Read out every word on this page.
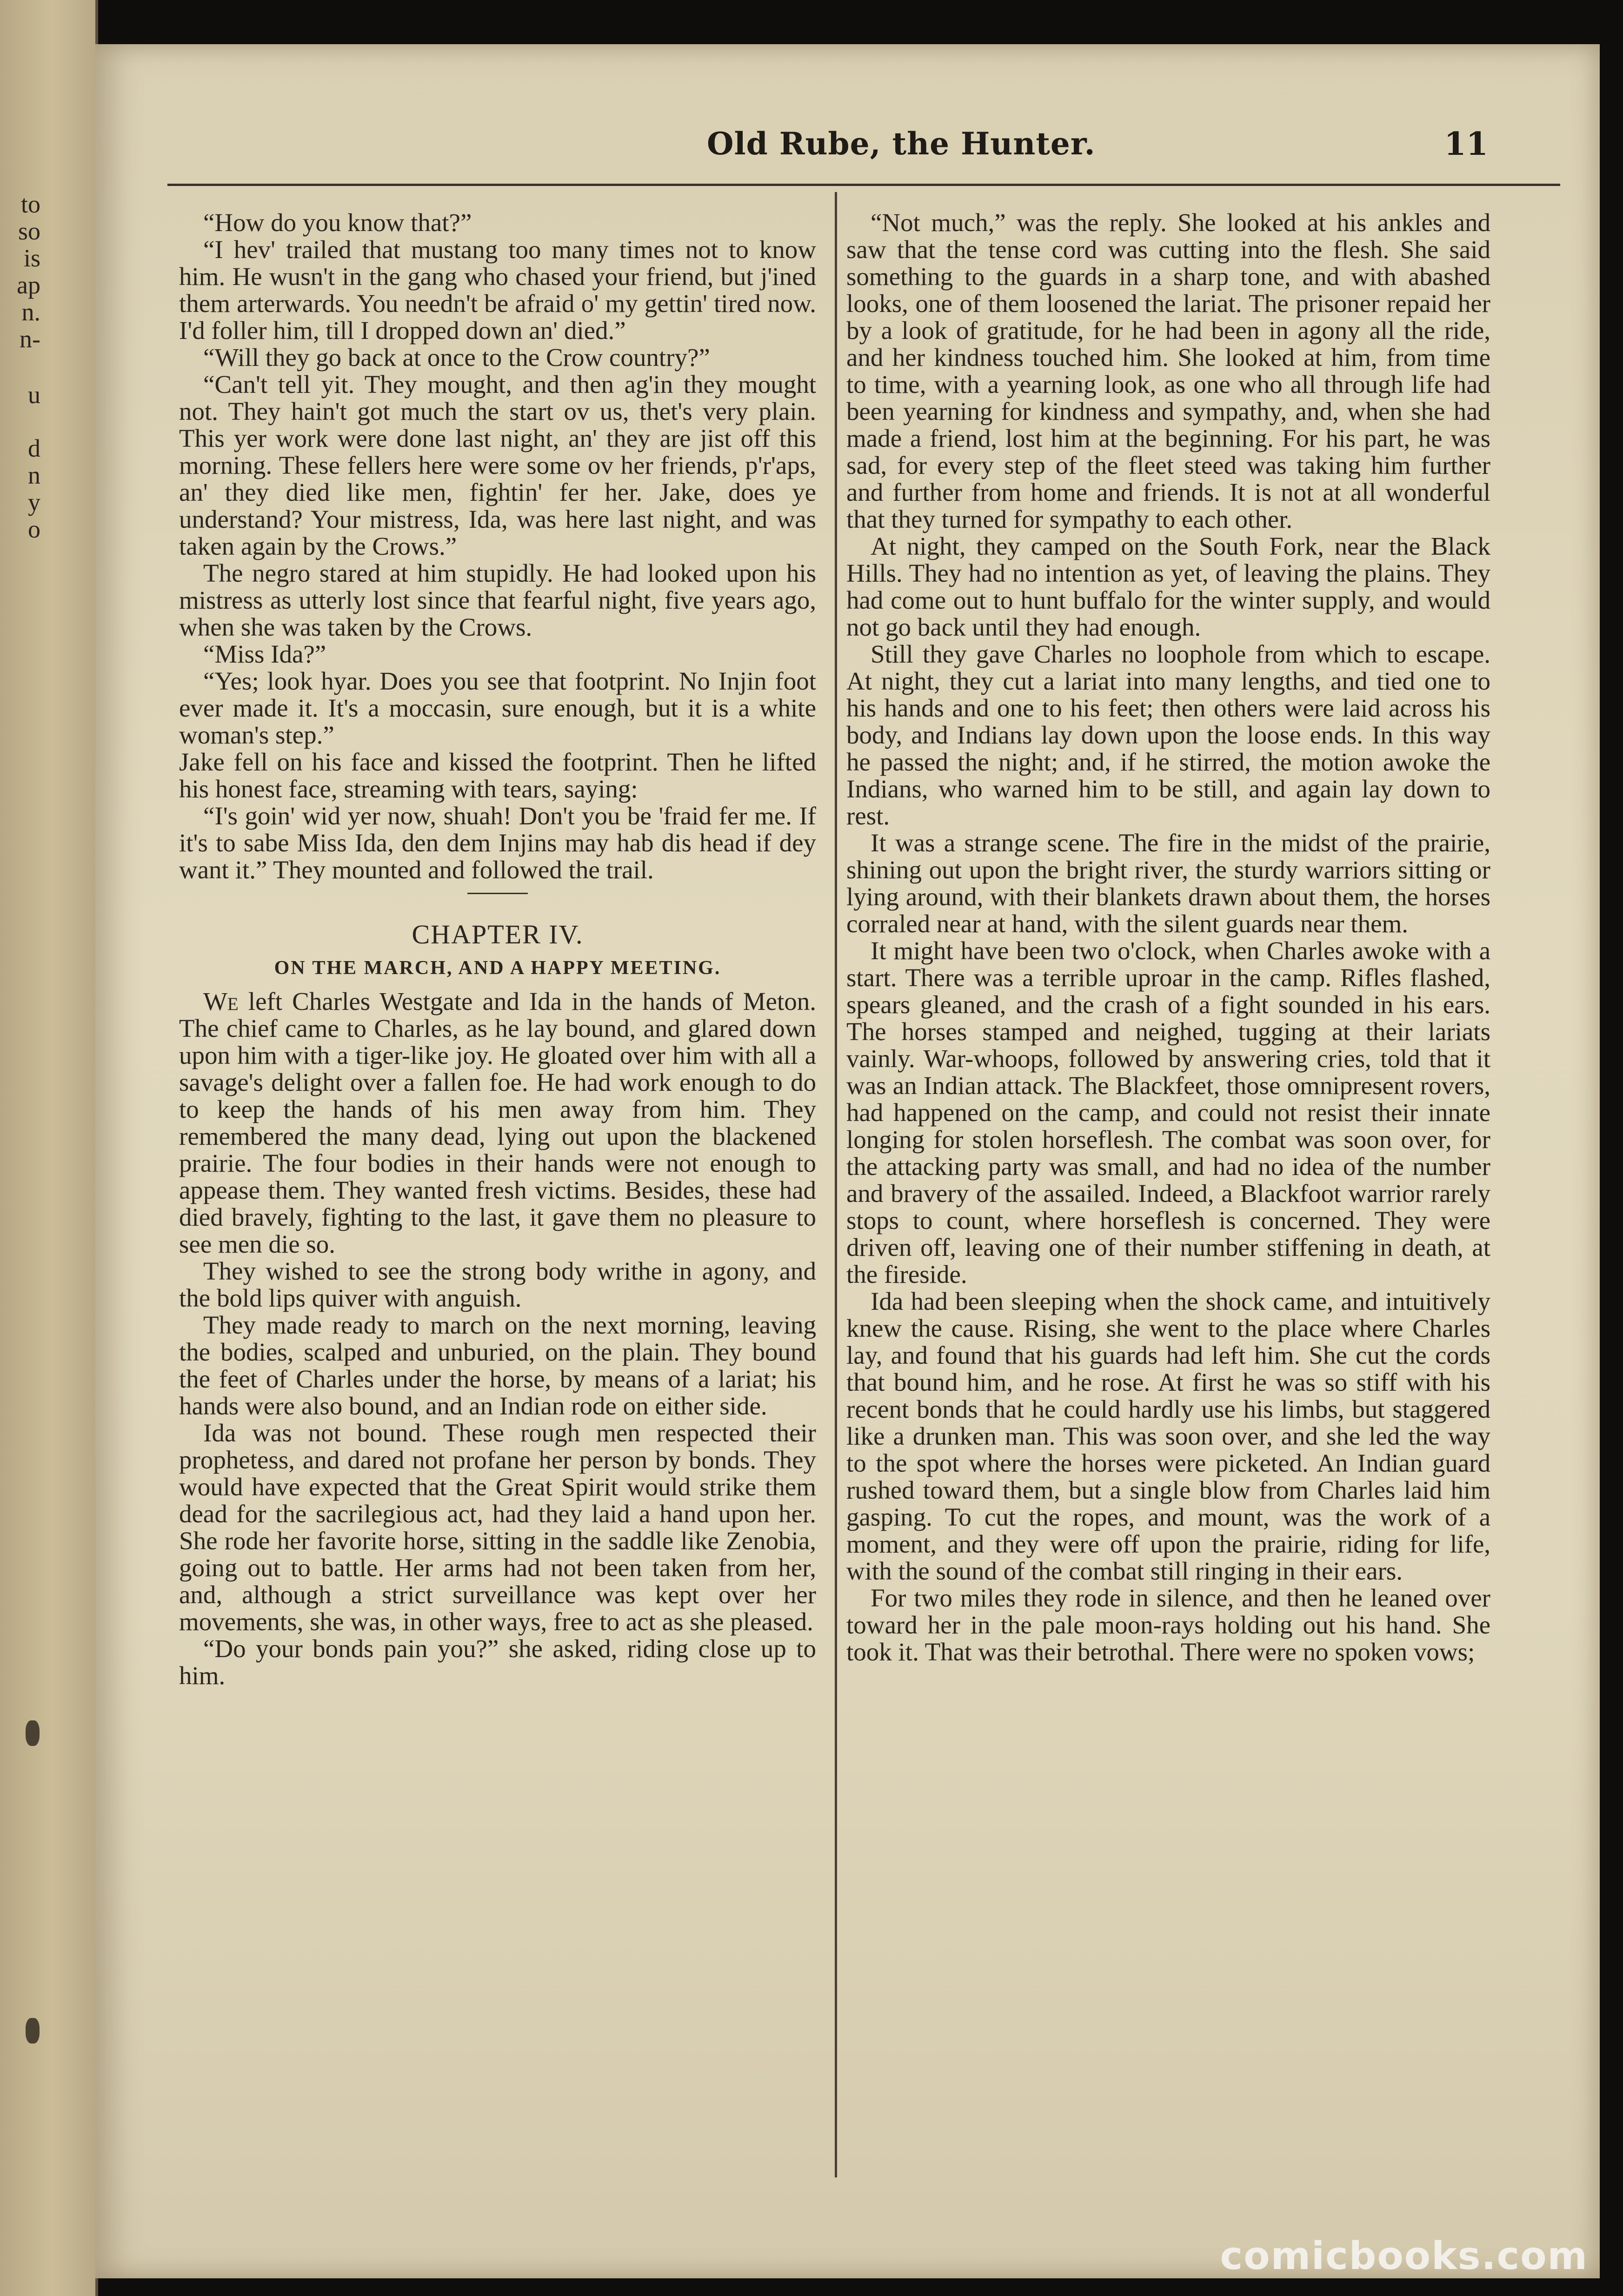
to
so
is
ap
n.
n-
u
d
n
y
o
Old Rube, the Hunter.	11

“How do you know that?”

“I hev' trailed that mustang too many times not to know him. He wusn't in the gang who chased your friend, but j'ined them arterwards. You needn't be afraid o' my gettin' tired now. I'd foller him, till I dropped down an' died.”

“Will they go back at once to the Crow country?”

“Can't tell yit. They mought, and then ag'in they mought not. They hain't got much the start ov us, thet's very plain. This yer work were done last night, an' they are jist off this morning. These fellers here were some ov her friends, p'r'aps, an' they died like men, fightin' fer her. Jake, does ye understand? Your mistress, Ida, was here last night, and was taken again by the Crows.”

The negro stared at him stupidly. He had looked upon his mistress as utterly lost since that fearful night, five years ago, when she was taken by the Crows.

“Miss Ida?”

“Yes; look hyar. Does you see that footprint. No Injin foot ever made it. It's a moccasin, sure enough, but it is a white woman's step.”

Jake fell on his face and kissed the footprint. Then he lifted his honest face, streaming with tears, saying:

“I's goin' wid yer now, shuah! Don't you be 'fraid fer me. If it's to sabe Miss Ida, den dem Injins may hab dis head if dey want it.” They mounted and followed the trail.

CHAPTER IV.
ON THE MARCH, AND A HAPPY MEETING.

We left Charles Westgate and Ida in the hands of Meton. The chief came to Charles, as he lay bound, and glared down upon him with a tiger-like joy. He gloated over him with all a savage's delight over a fallen foe. He had work enough to do to keep the hands of his men away from him. They remembered the many dead, lying out upon the blackened prairie. The four bodies in their hands were not enough to appease them. They wanted fresh victims. Besides, these had died bravely, fighting to the last, it gave them no pleasure to see men die so.

They wished to see the strong body writhe in agony, and the bold lips quiver with anguish.

They made ready to march on the next morning, leaving the bodies, scalped and unburied, on the plain. They bound the feet of Charles under the horse, by means of a lariat; his hands were also bound, and an Indian rode on either side.

Ida was not bound. These rough men respected their prophetess, and dared not profane her person by bonds. They would have expected that the Great Spirit would strike them dead for the sacrilegious act, had they laid a hand upon her. She rode her favorite horse, sitting in the saddle like Zenobia, going out to battle. Her arms had not been taken from her, and, although a strict surveillance was kept over her movements, she was, in other ways, free to act as she pleased.

“Do your bonds pain you?” she asked, riding close up to him.

“Not much,” was the reply. She looked at his ankles and saw that the tense cord was cutting into the flesh. She said something to the guards in a sharp tone, and with abashed looks, one of them loosened the lariat. The prisoner repaid her by a look of gratitude, for he had been in agony all the ride, and her kindness touched him. She looked at him, from time to time, with a yearning look, as one who all through life had been yearning for kindness and sympathy, and, when she had made a friend, lost him at the beginning. For his part, he was sad, for every step of the fleet steed was taking him further and further from home and friends. It is not at all wonderful that they turned for sympathy to each other.

At night, they camped on the South Fork, near the Black Hills. They had no intention as yet, of leaving the plains. They had come out to hunt buffalo for the winter supply, and would not go back until they had enough.

Still they gave Charles no loophole from which to escape. At night, they cut a lariat into many lengths, and tied one to his hands and one to his feet; then others were laid across his body, and Indians lay down upon the loose ends. In this way he passed the night; and, if he stirred, the motion awoke the Indians, who warned him to be still, and again lay down to rest.

It was a strange scene. The fire in the midst of the prairie, shining out upon the bright river, the sturdy warriors sitting or lying around, with their blankets drawn about them, the horses corraled near at hand, with the silent guards near them.

It might have been two o'clock, when Charles awoke with a start. There was a terrible uproar in the camp. Rifles flashed, spears gleaned, and the crash of a fight sounded in his ears. The horses stamped and neighed, tugging at their lariats vainly. War-whoops, followed by answering cries, told that it was an Indian attack. The Blackfeet, those omnipresent rovers, had happened on the camp, and could not resist their innate longing for stolen horseflesh. The combat was soon over, for the attacking party was small, and had no idea of the number and bravery of the assailed. Indeed, a Blackfoot warrior rarely stops to count, where horseflesh is concerned. They were driven off, leaving one of their number stiffening in death, at the fireside.

Ida had been sleeping when the shock came, and intuitively knew the cause. Rising, she went to the place where Charles lay, and found that his guards had left him. She cut the cords that bound him, and he rose. At first he was so stiff with his recent bonds that he could hardly use his limbs, but staggered like a drunken man. This was soon over, and she led the way to the spot where the horses were picketed. An Indian guard rushed toward them, but a single blow from Charles laid him gasping. To cut the ropes, and mount, was the work of a moment, and they were off upon the prairie, riding for life, with the sound of the combat still ringing in their ears.

For two miles they rode in silence, and then he leaned over toward her in the pale moon-rays holding out his hand. She took it. That was their betrothal. There were no spoken vows;

comicbooks.com
